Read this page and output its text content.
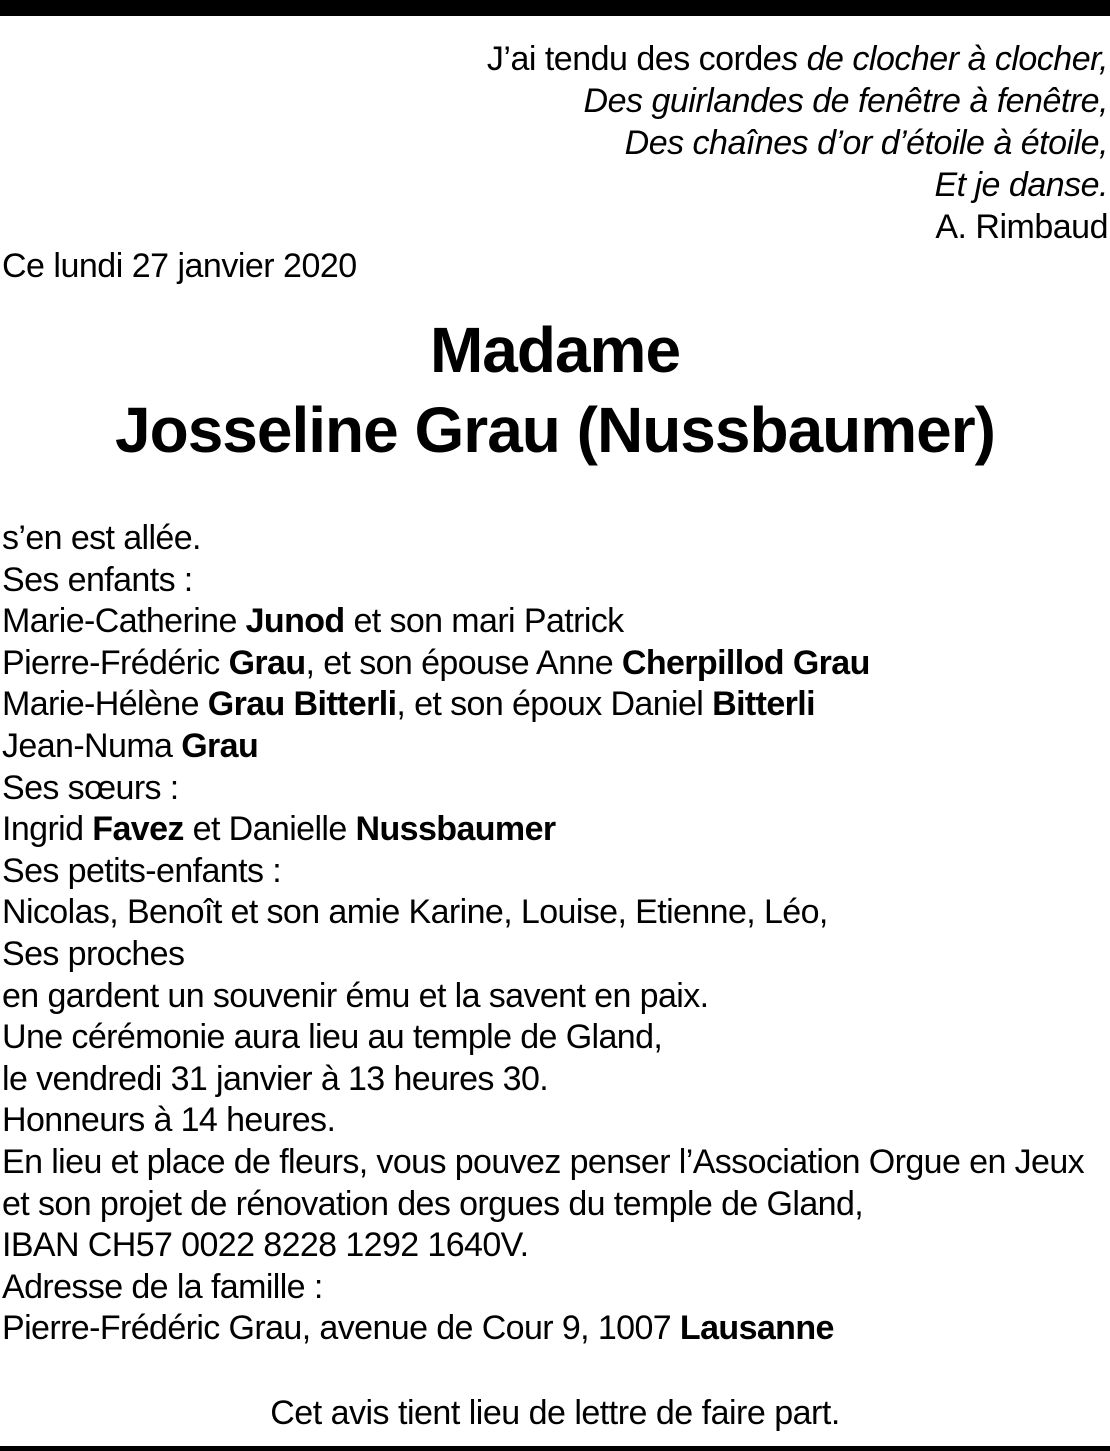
J’ai tendu des cordes de clocher à clocher,
Des guirlandes de fenêtre à fenêtre,
Des chaînes d’or d’étoile à étoile,
Et je danse.
A. Rimbaud
Ce lundi 27 janvier 2020
Madame
Josseline Grau (Nussbaumer)
s’en est allée.
Ses enfants :
Marie-Catherine Junod et son mari Patrick
Pierre-Frédéric Grau, et son épouse Anne Cherpillod Grau
Marie-Hélène Grau Bitterli, et son époux Daniel Bitterli
Jean-Numa Grau
Ses sœurs :
Ingrid Favez et Danielle Nussbaumer
Ses petits-enfants :
Nicolas, Benoît et son amie Karine, Louise, Etienne, Léo,
Ses proches
en gardent un souvenir ému et la savent en paix.
Une cérémonie aura lieu au temple de Gland,
le vendredi 31 janvier à 13 heures 30.
Honneurs à 14 heures.
En lieu et place de fleurs, vous pouvez penser l’Association Orgue en Jeux
et son projet de rénovation des orgues du temple de Gland,
IBAN CH57 0022 8228 1292 1640V.
Adresse de la famille :
Pierre-Frédéric Grau, avenue de Cour 9, 1007 Lausanne
Cet avis tient lieu de lettre de faire part.
